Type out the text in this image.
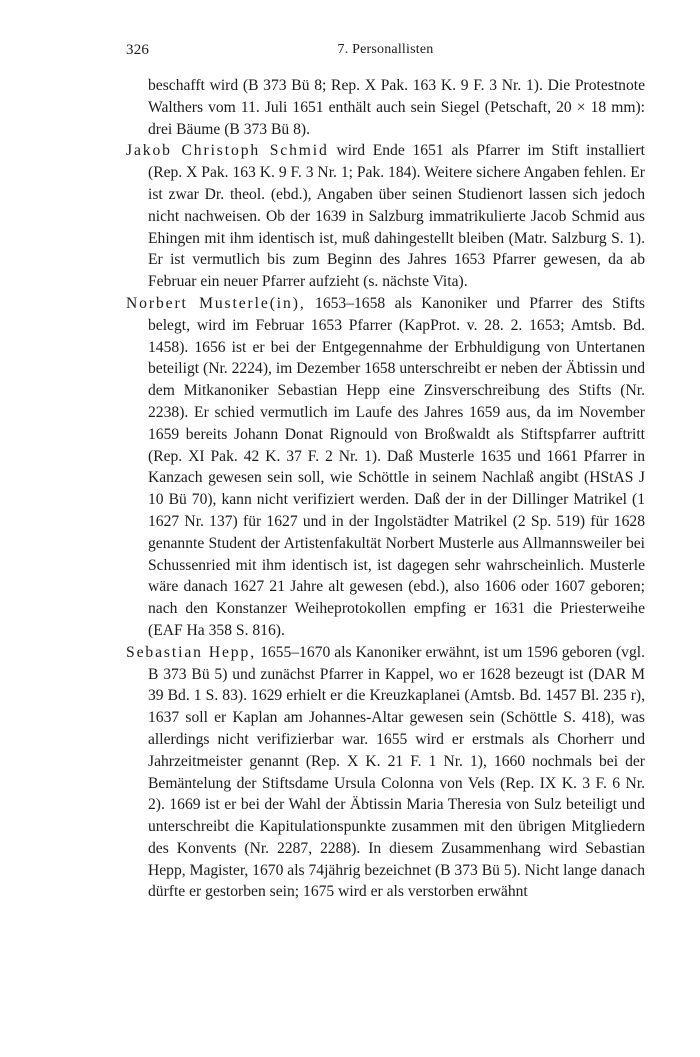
326	7. Personallisten

beschafft wird (B 373 Bü 8; Rep. X Pak. 163 K. 9 F. 3 Nr. 1). Die Protestnote Walthers vom 11. Juli 1651 enthält auch sein Siegel (Petschaft, 20 × 18 mm): drei Bäume (B 373 Bü 8).

Jakob Christoph Schmid wird Ende 1651 als Pfarrer im Stift installiert (Rep. X Pak. 163 K. 9 F. 3 Nr. 1; Pak. 184). Weitere sichere Angaben fehlen. Er ist zwar Dr. theol. (ebd.), Angaben über seinen Studienort lassen sich jedoch nicht nachweisen. Ob der 1639 in Salzburg immatrikulierte Jacob Schmid aus Ehingen mit ihm identisch ist, muß dahingestellt bleiben (Matr. Salzburg S. 1). Er ist vermutlich bis zum Beginn des Jahres 1653 Pfarrer gewesen, da ab Februar ein neuer Pfarrer aufzieht (s. nächste Vita).

Norbert Musterle(in), 1653–1658 als Kanoniker und Pfarrer des Stifts belegt, wird im Februar 1653 Pfarrer (KapProt. v. 28. 2. 1653; Amtsb. Bd. 1458). 1656 ist er bei der Entgegennahme der Erbhuldigung von Untertanen beteiligt (Nr. 2224), im Dezember 1658 unterschreibt er neben der Äbtissin und dem Mitkanoniker Sebastian Hepp eine Zinsverschreibung des Stifts (Nr. 2238). Er schied vermutlich im Laufe des Jahres 1659 aus, da im November 1659 bereits Johann Donat Rignould von Broßwaldt als Stiftspfarrer auftritt (Rep. XI Pak. 42 K. 37 F. 2 Nr. 1). Daß Musterle 1635 und 1661 Pfarrer in Kanzach gewesen sein soll, wie Schöttle in seinem Nachlaß angibt (HStAS J 10 Bü 70), kann nicht verifiziert werden. Daß der in der Dillinger Matrikel (1 1627 Nr. 137) für 1627 und in der Ingolstädter Matrikel (2 Sp. 519) für 1628 genannte Student der Artistenfakultät Norbert Musterle aus Allmannsweiler bei Schussenried mit ihm identisch ist, ist dagegen sehr wahrscheinlich. Musterle wäre danach 1627 21 Jahre alt gewesen (ebd.), also 1606 oder 1607 geboren; nach den Konstanzer Weiheprotokollen empfing er 1631 die Priesterweihe (EAF Ha 358 S. 816).

Sebastian Hepp, 1655–1670 als Kanoniker erwähnt, ist um 1596 geboren (vgl. B 373 Bü 5) und zunächst Pfarrer in Kappel, wo er 1628 bezeugt ist (DAR M 39 Bd. 1 S. 83). 1629 erhielt er die Kreuzkaplanei (Amtsb. Bd. 1457 Bl. 235 r), 1637 soll er Kaplan am Johannes-Altar gewesen sein (Schöttle S. 418), was allerdings nicht verifizierbar war. 1655 wird er erstmals als Chorherr und Jahrzeitmeister genannt (Rep. X K. 21 F. 1 Nr. 1), 1660 nochmals bei der Bemäntelung der Stiftsdame Ursula Colonna von Vels (Rep. IX K. 3 F. 6 Nr. 2). 1669 ist er bei der Wahl der Äbtissin Maria Theresia von Sulz beteiligt und unterschreibt die Kapitulationspunkte zusammen mit den übrigen Mitgliedern des Konvents (Nr. 2287, 2288). In diesem Zusammenhang wird Sebastian Hepp, Magister, 1670 als 74jährig bezeichnet (B 373 Bü 5). Nicht lange danach dürfte er gestorben sein; 1675 wird er als verstorben erwähnt
